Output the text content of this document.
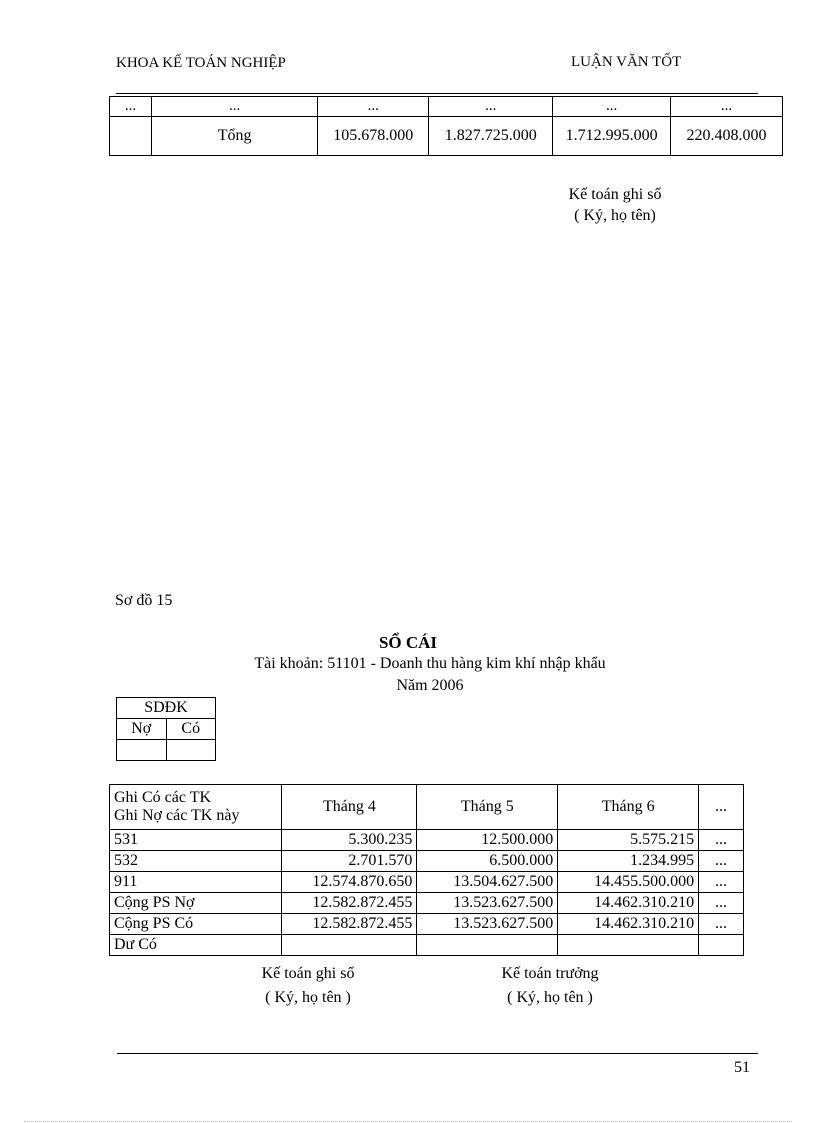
KHOA KẾ TOÁN NGHIỆP	LUẬN VĂN TỐT
...	...	...	...	...	...
	Tổng	105.678.000	1.827.725.000	1.712.995.000	220.408.000
Kế toán ghi sổ
( Ký, họ tên)
Sơ đồ 15
SỔ CÁI
Tài khoản: 51101 - Doanh thu hàng kim khí nhập khẩu
Năm 2006
SDĐK	
Nợ	Có

Ghi Có các TK
Ghi Nợ các TK này	Tháng 4	Tháng 5	Tháng 6	...
531	5.300.235	12.500.000	5.575.215	...
532	2.701.570	6.500.000	1.234.995	...
911	12.574.870.650	13.504.627.500	14.455.500.000	...
Cộng PS Nợ	12.582.872.455	13.523.627.500	14.462.310.210	...
Cộng PS Có	12.582.872.455	13.523.627.500	14.462.310.210	...
Dư Có				
Kế toán ghi sổ
( Ký, họ tên )
Kế toán trưởng
( Ký, họ tên )
51
